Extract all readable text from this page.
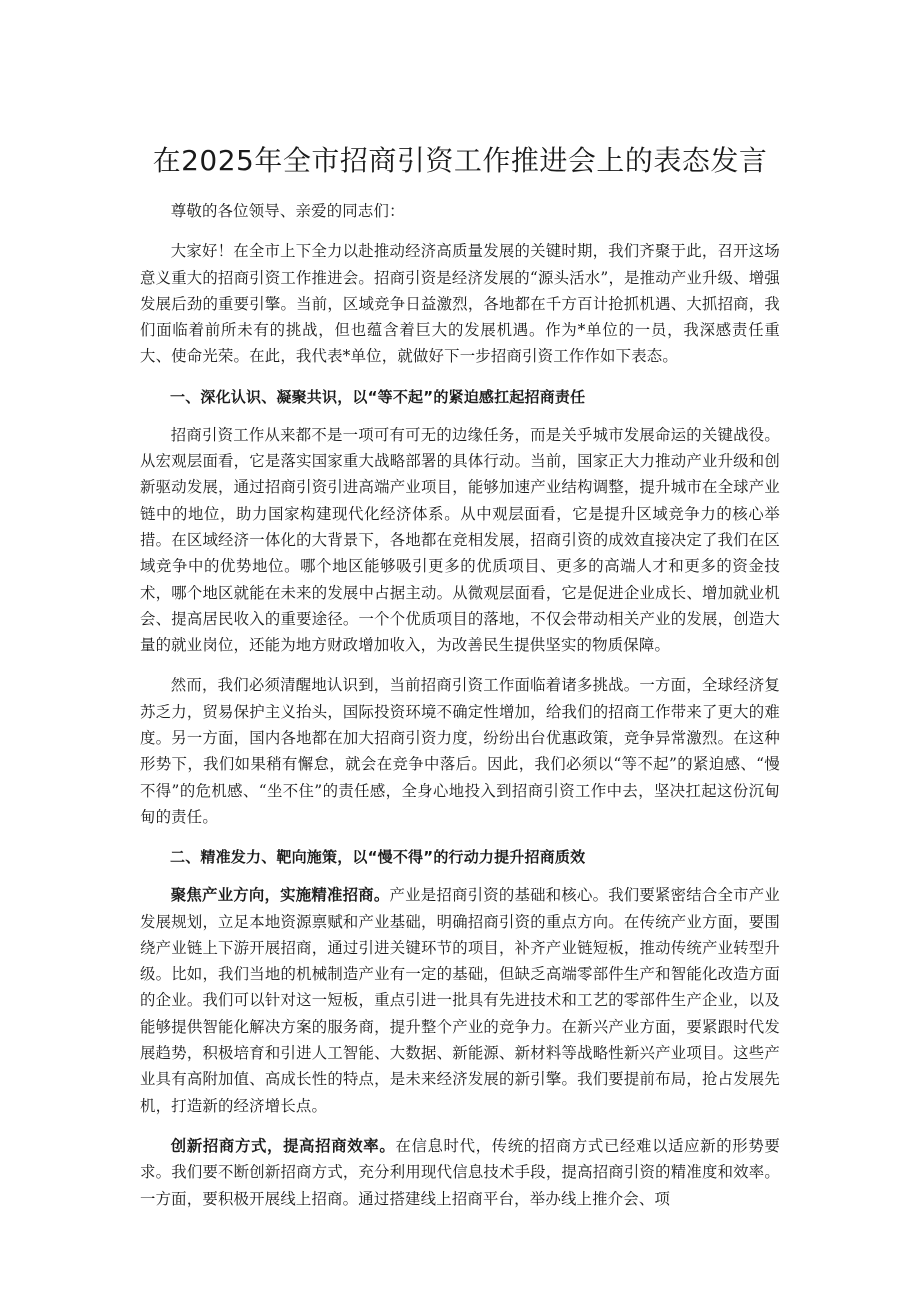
在2025年全市招商引资工作推进会上的表态发言

尊敬的各位领导、亲爱的同志们：

大家好！在全市上下全力以赴推动经济高质量发展的关键时期，我们齐聚于此，召开这场意义重大的招商引资工作推进会。招商引资是经济发展的“源头活水”，是推动产业升级、增强发展后劲的重要引擎。当前，区域竞争日益激烈，各地都在千方百计抢抓机遇、大抓招商，我们面临着前所未有的挑战，但也蕴含着巨大的发展机遇。作为*单位的一员，我深感责任重大、使命光荣。在此，我代表*单位，就做好下一步招商引资工作作如下表态。

一、深化认识、凝聚共识，以“等不起”的紧迫感扛起招商责任

招商引资工作从来都不是一项可有可无的边缘任务，而是关乎城市发展命运的关键战役。从宏观层面看，它是落实国家重大战略部署的具体行动。当前，国家正大力推动产业升级和创新驱动发展，通过招商引资引进高端产业项目，能够加速产业结构调整，提升城市在全球产业链中的地位，助力国家构建现代化经济体系。从中观层面看，它是提升区域竞争力的核心举措。在区域经济一体化的大背景下，各地都在竞相发展，招商引资的成效直接决定了我们在区域竞争中的优势地位。哪个地区能够吸引更多的优质项目、更多的高端人才和更多的资金技术，哪个地区就能在未来的发展中占据主动。从微观层面看，它是促进企业成长、增加就业机会、提高居民收入的重要途径。一个个优质项目的落地，不仅会带动相关产业的发展，创造大量的就业岗位，还能为地方财政增加收入，为改善民生提供坚实的物质保障。

然而，我们必须清醒地认识到，当前招商引资工作面临着诸多挑战。一方面，全球经济复苏乏力，贸易保护主义抬头，国际投资环境不确定性增加，给我们的招商工作带来了更大的难度。另一方面，国内各地都在加大招商引资力度，纷纷出台优惠政策，竞争异常激烈。在这种形势下，我们如果稍有懈怠，就会在竞争中落后。因此，我们必须以“等不起”的紧迫感、“慢不得”的危机感、“坐不住”的责任感，全身心地投入到招商引资工作中去，坚决扛起这份沉甸甸的责任。

二、精准发力、靶向施策，以“慢不得”的行动力提升招商质效

聚焦产业方向，实施精准招商。产业是招商引资的基础和核心。我们要紧密结合全市产业发展规划，立足本地资源禀赋和产业基础，明确招商引资的重点方向。在传统产业方面，要围绕产业链上下游开展招商，通过引进关键环节的项目，补齐产业链短板，推动传统产业转型升级。比如，我们当地的机械制造产业有一定的基础，但缺乏高端零部件生产和智能化改造方面的企业。我们可以针对这一短板，重点引进一批具有先进技术和工艺的零部件生产企业，以及能够提供智能化解决方案的服务商，提升整个产业的竞争力。在新兴产业方面，要紧跟时代发展趋势，积极培育和引进人工智能、大数据、新能源、新材料等战略性新兴产业项目。这些产业具有高附加值、高成长性的特点，是未来经济发展的新引擎。我们要提前布局，抢占发展先机，打造新的经济增长点。

创新招商方式，提高招商效率。在信息时代，传统的招商方式已经难以适应新的形势要求。我们要不断创新招商方式，充分利用现代信息技术手段，提高招商引资的精准度和效率。一方面，要积极开展线上招商。通过搭建线上招商平台，举办线上推介会、项
